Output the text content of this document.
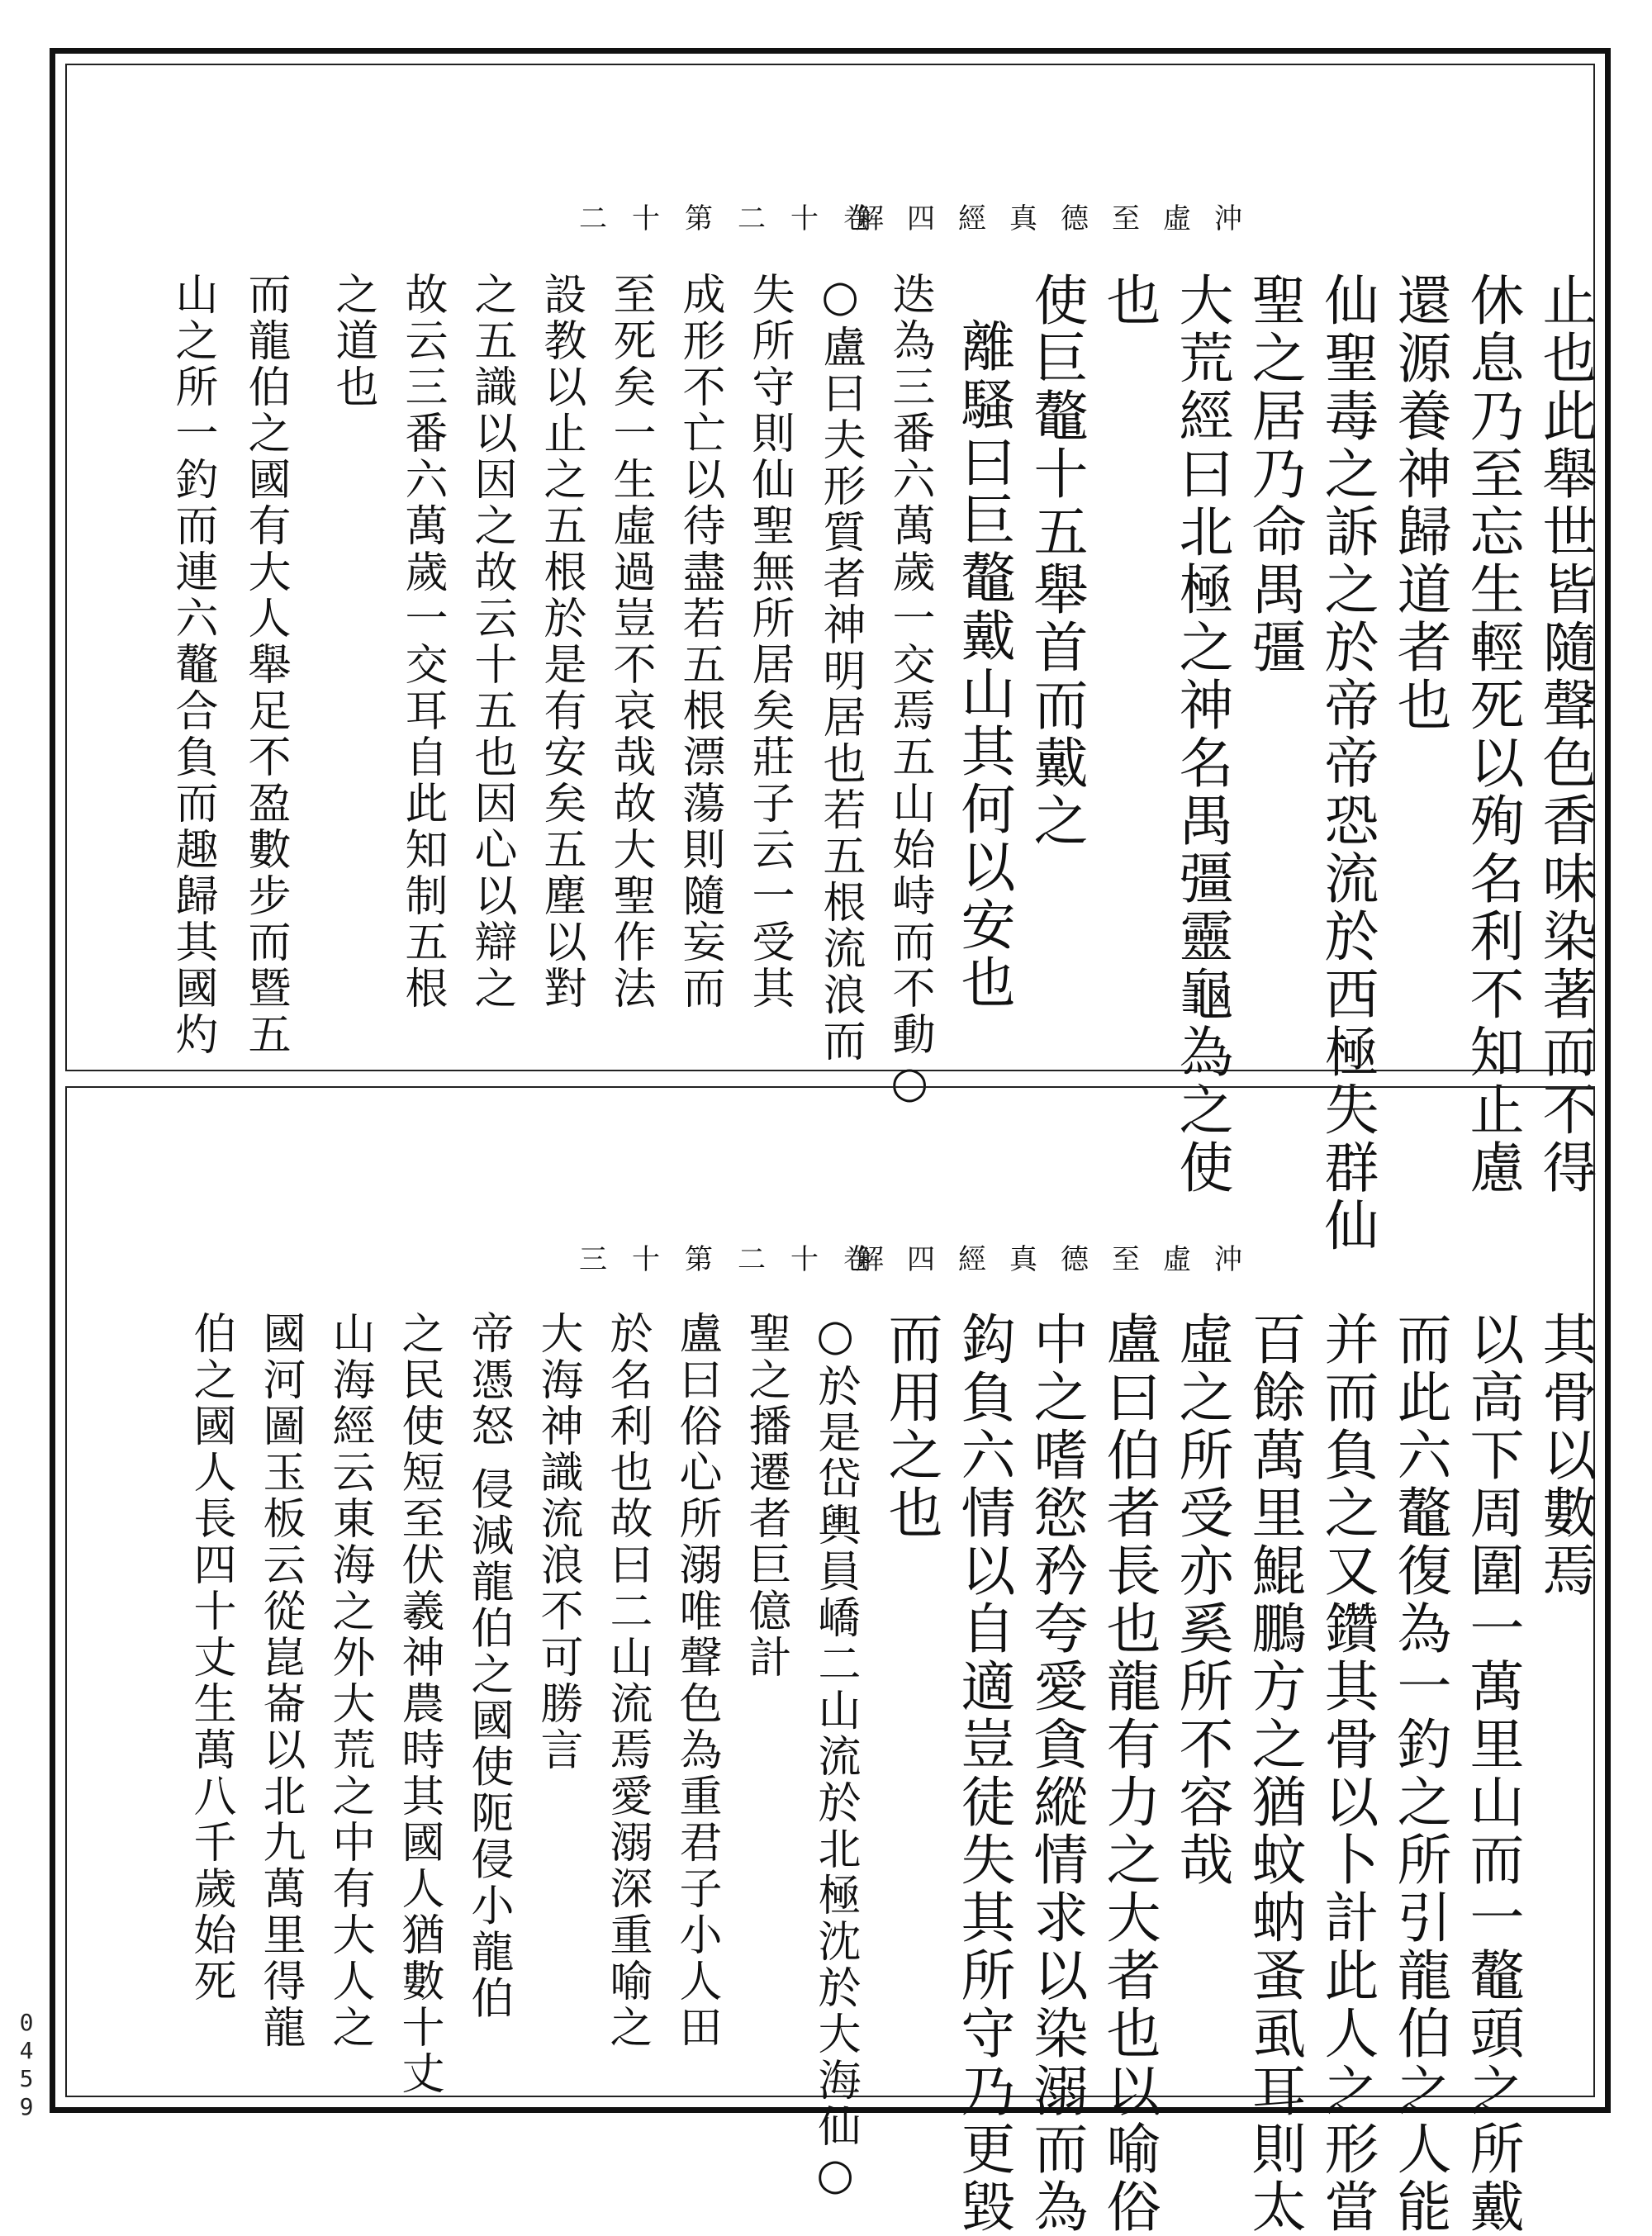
二十第二十卷
解四經真德至虛沖
止也此舉世皆隨聲色香味染著而不得
休息乃至忘生輕死以殉名利不知止慮
還源養神歸道者也
仙聖毒之訴之於帝帝恐流於西極失群仙
聖之居乃命禺彊
大荒經曰北極之神名禺彊靈龜為之使
也
使巨鼇十五舉首而戴之
離騷曰巨鼇戴山其何以安也
迭為三番六萬歲一交焉五山始峙而不動○
○盧曰夫形質者神明居也若五根流浪而
失所守則仙聖無所居矣莊子云一受其
成形不亡以待盡若五根漂蕩則隨妄而
至死矣一生虛過豈不哀哉故大聖作法
設教以止之五根於是有安矣五塵以對
之五識以因之故云十五也因心以辯之
故云三番六萬歲一交耳自此知制五根
之道也
而龍伯之國有大人舉足不盈數步而暨五
山之所一釣而連六鼇合負而趣歸其國灼
三十第二十卷
解四經真德至虛沖
其骨以數焉
以高下周圍一萬里山而一鼇頭之所戴
而此六鼇復為一釣之所引龍伯之人能
并而負之又鑽其骨以卜計此人之形當
百餘萬里鯤鵬方之猶蚊蚋蚤虱耳則太
虛之所受亦奚所不容哉
盧曰伯者長也龍有力之大者也以喻俗
中之嗜慾矜夸愛貪縱情求以染溺而為
鈎負六情以自適豈徒失其所守乃更毀
而用之也
○於是岱輿員嶠二山流於北極沈於大海仙○
聖之播遷者巨億計
盧曰俗心所溺唯聲色為重君子小人田
於名利也故曰二山流焉愛溺深重喻之
大海神識流浪不可勝言
帝憑怒 侵減龍伯之國使阨侵小龍伯
之民使短至伏羲神農時其國人猶數十丈
山海經云東海之外大荒之中有大人之
國河圖玉板云從崑崙以北九萬里得龍
伯之國人長四十丈生萬八千歲始死
0
4
5
9
